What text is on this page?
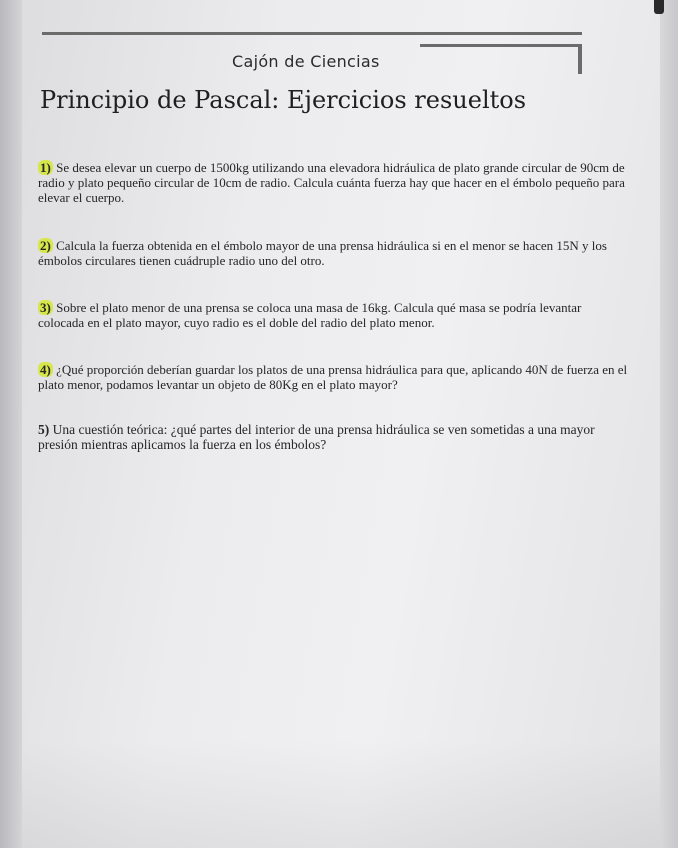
Cajón de Ciencias
Principio de Pascal: Ejercicios resueltos
1) Se desea elevar un cuerpo de 1500kg utilizando una elevadora hidráulica de plato grande circular de 90cm de radio y plato pequeño circular de 10cm de radio. Calcula cuánta fuerza hay que hacer en el émbolo pequeño para elevar el cuerpo.
2) Calcula la fuerza obtenida en el émbolo mayor de una prensa hidráulica si en el menor se hacen 15N y los émbolos circulares tienen cuádruple radio uno del otro.
3) Sobre el plato menor de una prensa se coloca una masa de 16kg. Calcula qué masa se podría levantar colocada en el plato mayor, cuyo radio es el doble del radio del plato menor.
4) ¿Qué proporción deberían guardar los platos de una prensa hidráulica para que, aplicando 40N de fuerza en el plato menor, podamos levantar un objeto de 80Kg en el plato mayor?
5) Una cuestión teórica: ¿qué partes del interior de una prensa hidráulica se ven sometidas a una mayor presión mientras aplicamos la fuerza en los émbolos?
